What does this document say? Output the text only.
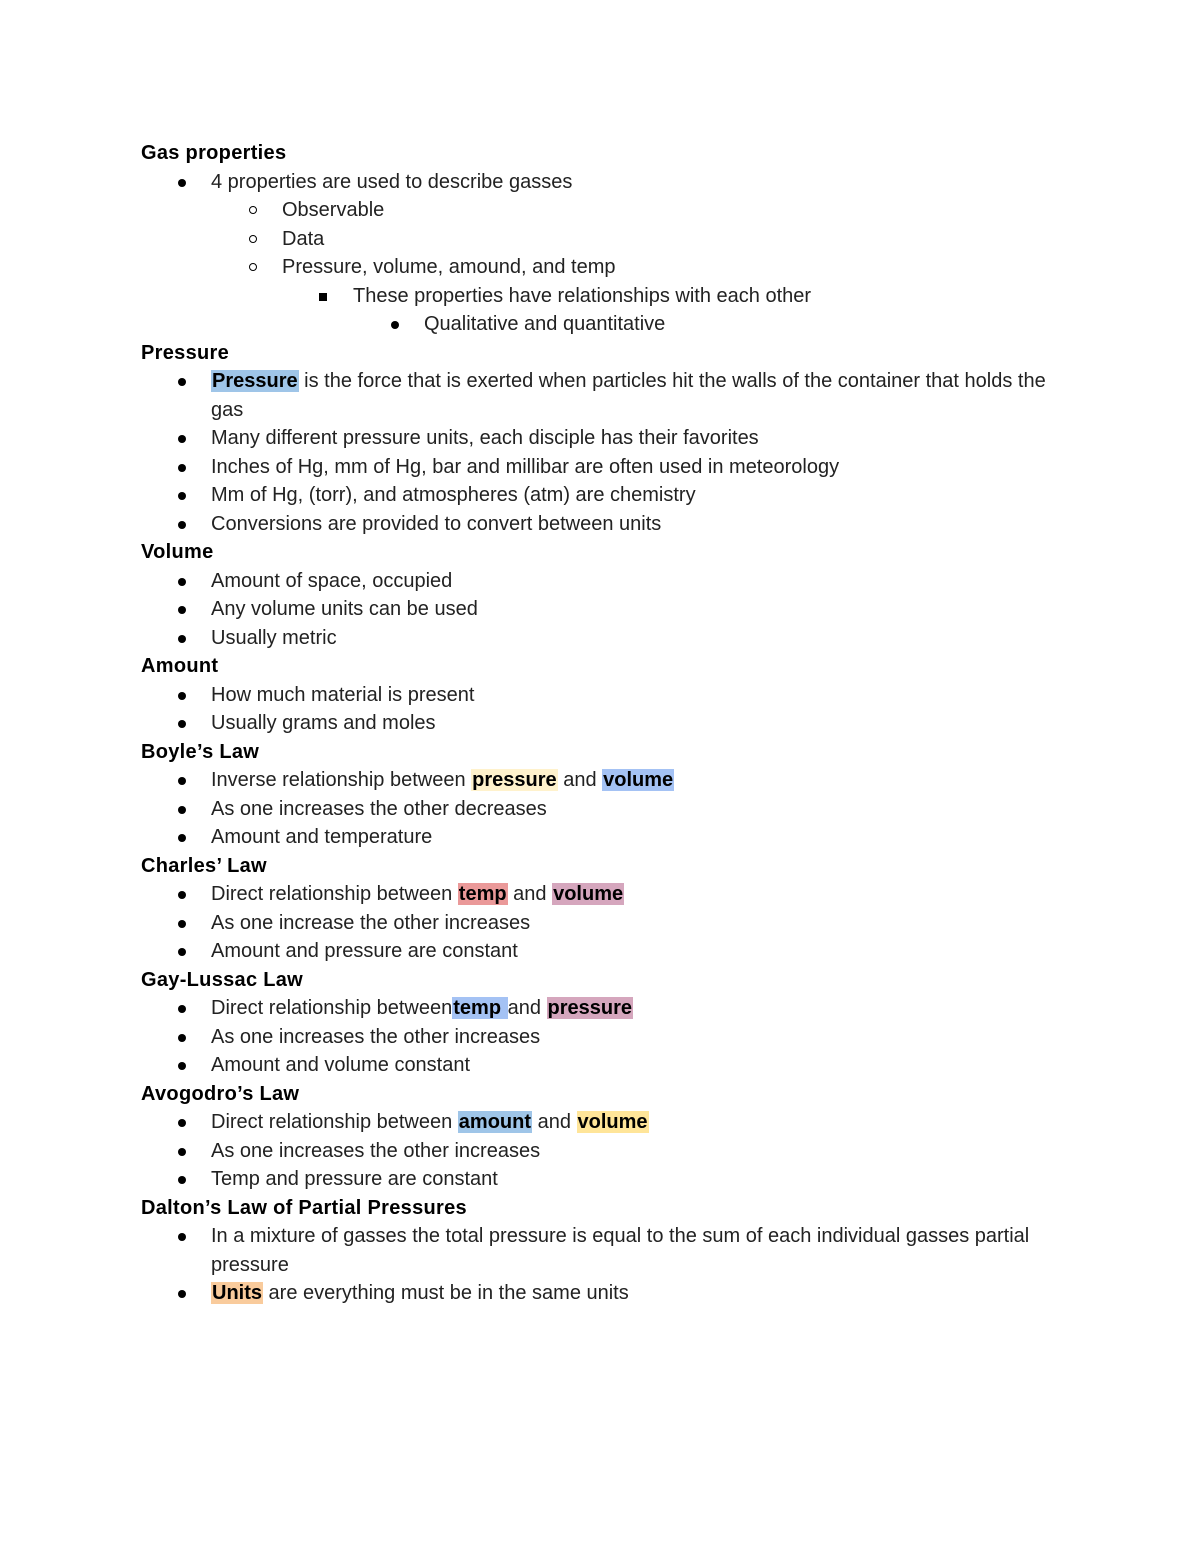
Gas properties
4 properties are used to describe gasses
Observable
Data
Pressure, volume, amound, and temp
These properties have relationships with each other
Qualitative and quantitative
Pressure
Pressure is the force that is exerted when particles hit the walls of the container that holds the gas
Many different pressure units, each disciple has their favorites
Inches of Hg, mm of Hg, bar and millibar are often used in meteorology
Mm of Hg, (torr), and atmospheres (atm) are chemistry
Conversions are provided to convert between units
Volume
Amount of space, occupied
Any volume units can be used
Usually metric
Amount
How much material is present
Usually grams and moles
Boyle’s Law
Inverse relationship between pressure and volume
As one increases the other decreases
Amount and temperature
Charles’ Law
Direct relationship between temp and volume
As one increase the other increases
Amount and pressure are constant
Gay-Lussac Law
Direct relationship betweentemp and pressure
As one increases the other increases
Amount and volume constant
Avogodro’s Law
Direct relationship between amount and volume
As one increases the other increases
Temp and pressure are constant
Dalton’s Law of Partial Pressures
In a mixture of gasses the total pressure is equal to the sum of each individual gasses partial pressure
Units are everything must be in the same units
